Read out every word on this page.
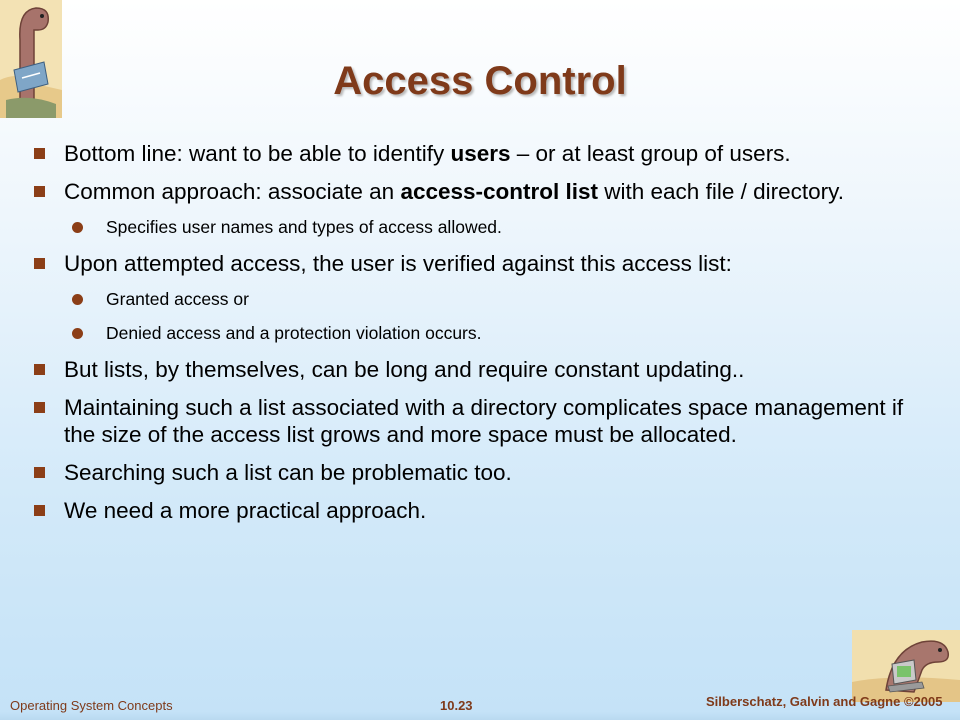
Access Control
Bottom line: want to be able to identify users – or at least group of users.
Common approach: associate an access-control list with each file / directory.
Specifies user names and types of access allowed.
Upon attempted access, the user is verified against this access list:
Granted access or
Denied access and a protection violation occurs.
But lists, by themselves, can be long and require constant updating..
Maintaining such a list associated with a directory complicates space management if the size of the access list grows and more space must be allocated.
Searching such a list can be problematic too.
We need a more practical approach.
Operating System Concepts	10.23	Silberschatz, Galvin and Gagne ©2005
